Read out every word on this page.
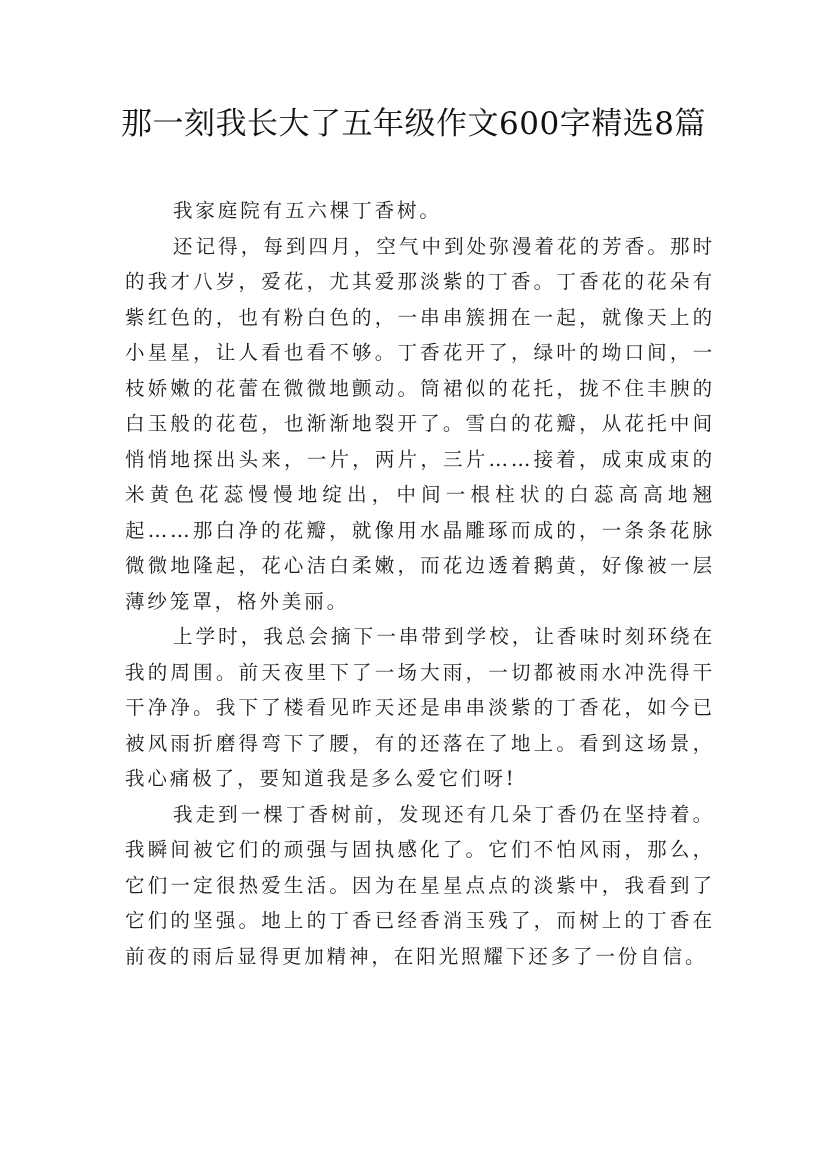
那一刻我长大了五年级作文600字精选8篇

我家庭院有五六棵丁香树。

还记得，每到四月，空气中到处弥漫着花的芳香。那时的我才八岁，爱花，尤其爱那淡紫的丁香。丁香花的花朵有紫红色的，也有粉白色的，一串串簇拥在一起，就像天上的小星星，让人看也看不够。丁香花开了，绿叶的坳口间，一枝娇嫩的花蕾在微微地颤动。筒裙似的花托，拢不住丰腴的白玉般的花苞，也渐渐地裂开了。雪白的花瓣，从花托中间悄悄地探出头来，一片，两片，三片……接着，成束成束的米黄色花蕊慢慢地绽出，中间一根柱状的白蕊高高地翘起……那白净的花瓣，就像用水晶雕琢而成的，一条条花脉微微地隆起，花心洁白柔嫩，而花边透着鹅黄，好像被一层薄纱笼罩，格外美丽。

上学时，我总会摘下一串带到学校，让香味时刻环绕在我的周围。前天夜里下了一场大雨，一切都被雨水冲洗得干干净净。我下了楼看见昨天还是串串淡紫的丁香花，如今已被风雨折磨得弯下了腰，有的还落在了地上。看到这场景，我心痛极了，要知道我是多么爱它们呀!

我走到一棵丁香树前，发现还有几朵丁香仍在坚持着。我瞬间被它们的顽强与固执感化了。它们不怕风雨，那么，它们一定很热爱生活。因为在星星点点的淡紫中，我看到了它们的坚强。地上的丁香已经香消玉残了，而树上的丁香在前夜的雨后显得更加精神，在阳光照耀下还多了一份自信。
